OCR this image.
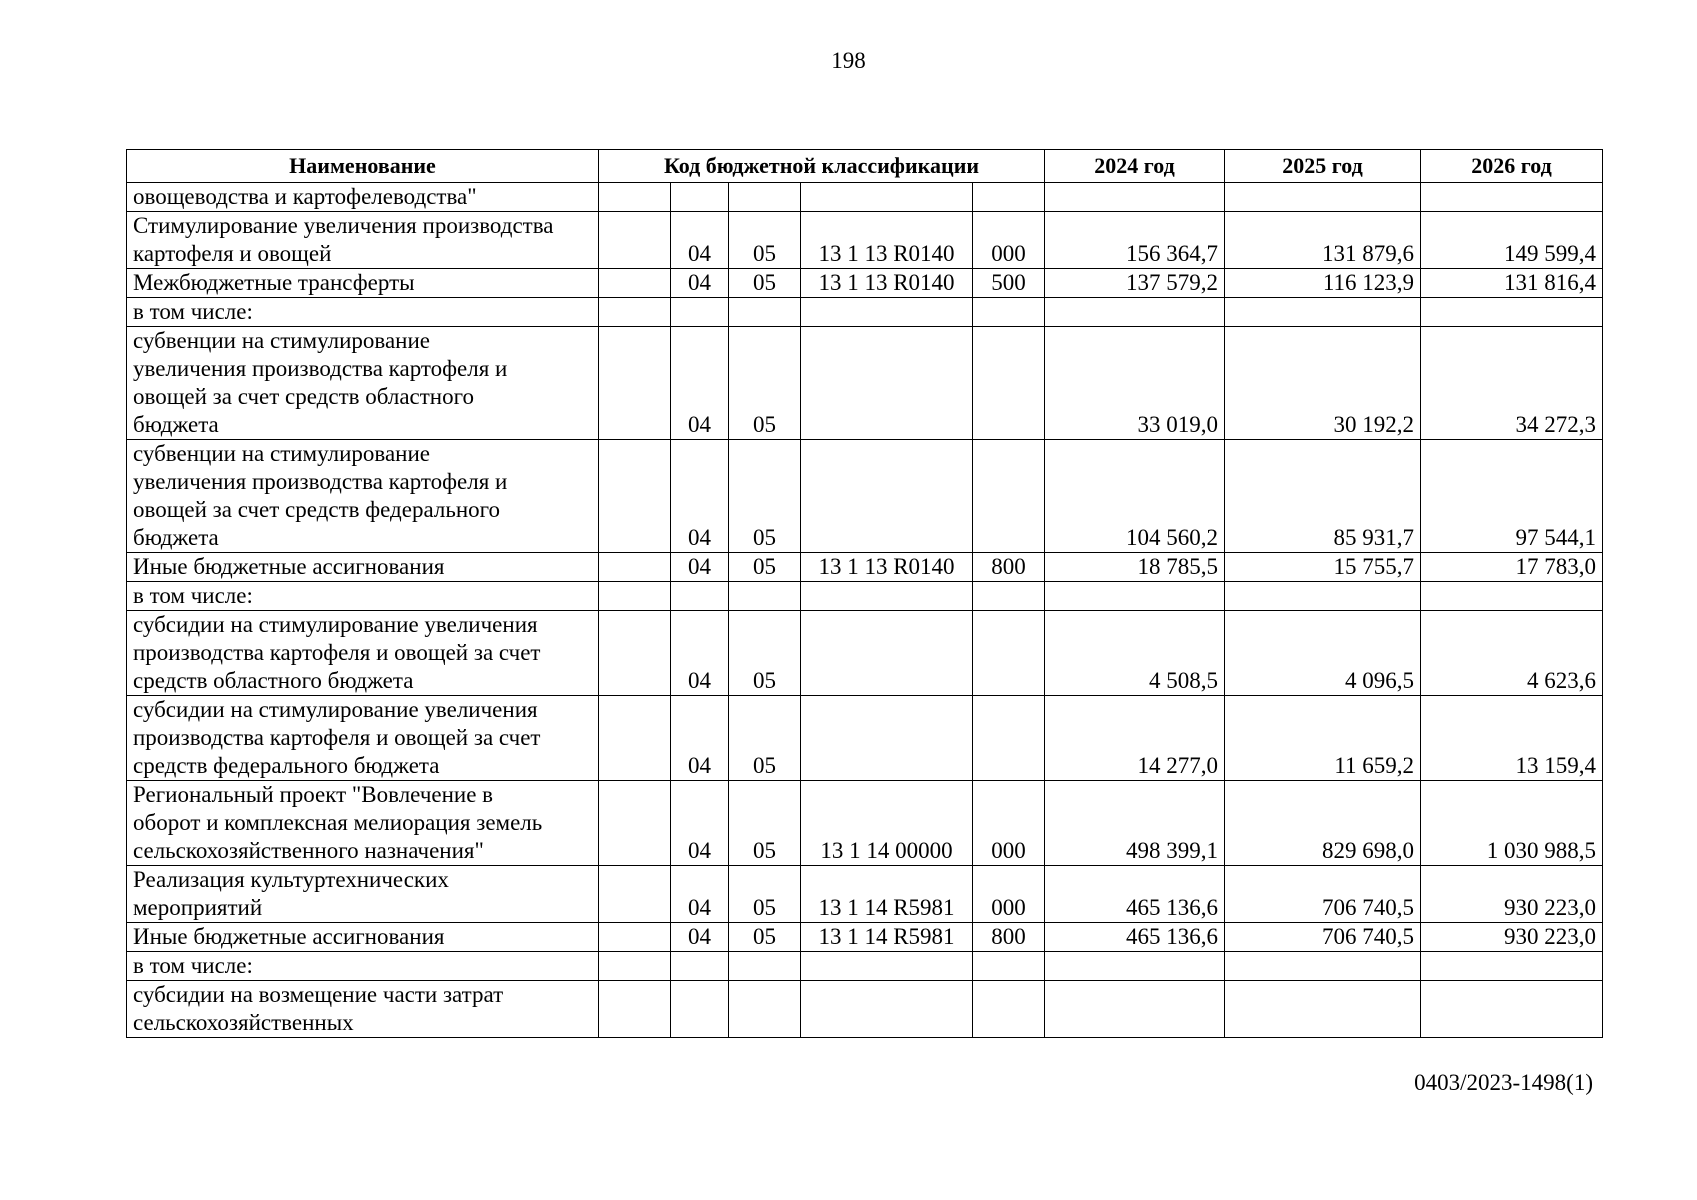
198
Наименование	Код бюджетной классификации					2024 год	2025 год	2026 год
овощеводства и картофелеводства"								
Стимулирование увеличения производства
картофеля и овощей		04	05	13 1 13 R0140	000	156 364,7	131 879,6	149 599,4
Межбюджетные трансферты		04	05	13 1 13 R0140	500	137 579,2	116 123,9	131 816,4
в том числе:								
субвенции на стимулирование
увеличения производства картофеля и
овощей за счет средств областного
бюджета		04	05			33 019,0	30 192,2	34 272,3
субвенции на стимулирование
увеличения производства картофеля и
овощей за счет средств федерального
бюджета		04	05			104 560,2	85 931,7	97 544,1
Иные бюджетные ассигнования		04	05	13 1 13 R0140	800	18 785,5	15 755,7	17 783,0
в том числе:								
субсидии на стимулирование увеличения
производства картофеля и овощей за счет
средств областного бюджета		04	05			4 508,5	4 096,5	4 623,6
субсидии на стимулирование увеличения
производства картофеля и овощей за счет
средств федерального бюджета		04	05			14 277,0	11 659,2	13 159,4
Региональный проект "Вовлечение в
оборот и комплексная мелиорация земель
сельскохозяйственного назначения"		04	05	13 1 14 00000	000	498 399,1	829 698,0	1 030 988,5
Реализация культуртехнических
мероприятий		04	05	13 1 14 R5981	000	465 136,6	706 740,5	930 223,0
Иные бюджетные ассигнования		04	05	13 1 14 R5981	800	465 136,6	706 740,5	930 223,0
в том числе:								
субсидии на возмещение части затрат
сельскохозяйственных								
0403/2023-1498(1)
